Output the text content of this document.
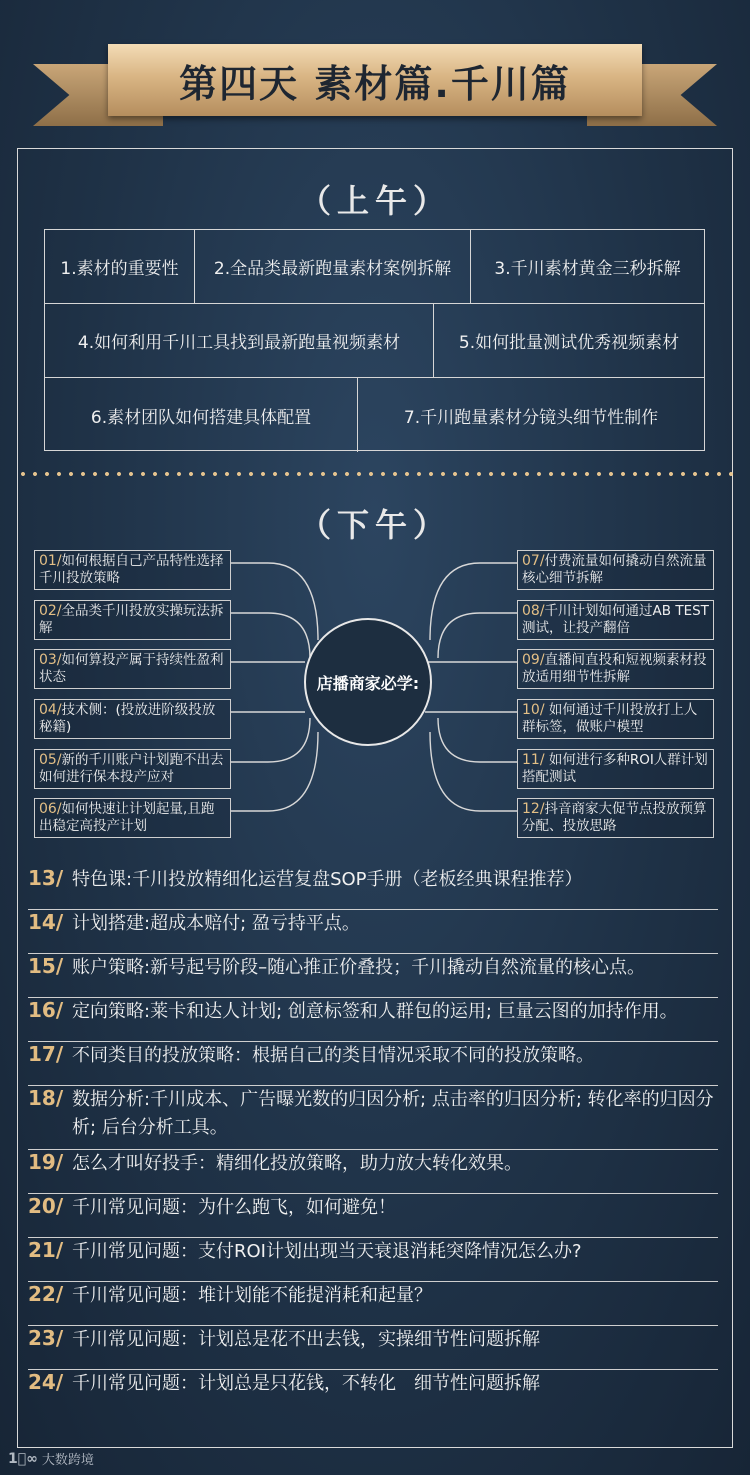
第四天 素材篇.千川篇
（上午）
1.素材的重要性	2.全品类最新跑量素材案例拆解	3.千川素材黄金三秒拆解
4.如何利用千川工具找到最新跑量视频素材	5.如何批量测试优秀视频素材
6.素材团队如何搭建具体配置	7.千川跑量素材分镜头细节性制作
（下午）
店播商家必学:
01/如何根据自己产品特性选择千川投放策略
02/全品类千川投放实操玩法拆解
03/如何算投产属于持续性盈利状态
04/技术侧：(投放进阶级投放秘籍)
05/新的千川账户计划跑不出去如何进行保本投产应对
06/如何快速让计划起量,且跑出稳定高投产计划
07/付费流量如何撬动自然流量核心细节拆解
08/千川计划如何通过AB TEST测试，让投产翻倍
09/直播间直投和短视频素材投放适用细节性拆解
10/ 如何通过千川投放打上人群标签，做账户模型
11/ 如何进行多种ROI人群计划搭配测试
12/抖音商家大促节点投放预算分配、投放思路
13/ 特色课:千川投放精细化运营复盘SOP手册（老板经典课程推荐）
14/ 计划搭建:超成本赔付; 盈亏持平点。
15/ 账户策略:新号起号阶段–随心推正价叠投；千川撬动自然流量的核心点。
16/ 定向策略:莱卡和达人计划; 创意标签和人群包的运用; 巨量云图的加持作用。
17/ 不同类目的投放策略：根据自己的类目情况采取不同的投放策略。
18/ 数据分析:千川成本、广告曝光数的归因分析; 点击率的归因分析; 转化率的归因分析; 后台分析工具。
19/ 怎么才叫好投手：精细化投放策略，助力放大转化效果。
20/ 千川常见问题：为什么跑飞，如何避免！
21/ 千川常见问题：支付ROI计划出现当天衰退消耗突降情况怎么办?
22/ 千川常见问题：堆计划能不能提消耗和起量？
23/ 千川常见问题：计划总是花不出去钱，实操细节性问题拆解
24/ 千川常见问题：计划总是只花钱，不转化　细节性问题拆解
1⃝∞ 大数跨境
